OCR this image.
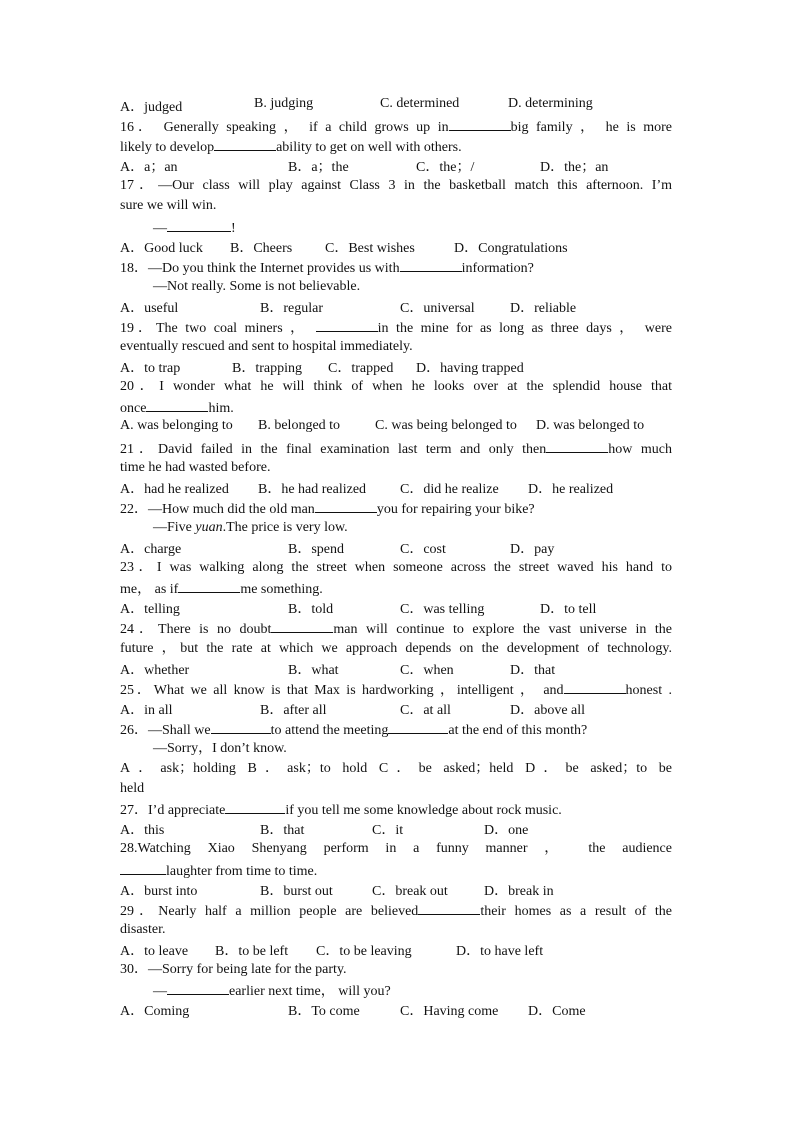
A．judged	B. judging	C. determined	D. determining
16． Generally speaking ， if a child grows up in	big family ， he is more
likely to develop	ability to get on well with others.
A．a；an	B．a；the	C．the；/	D．the；an
17．—Our class will play against Class 3 in the basketball match this afternoon. I’m
sure we will win.
—	!
A．Good luck B．Cheers C．Best wishes	D．Congratulations
18．—Do you think the Internet provides us with	information?
—Not really. Some is not believable.
A．useful	B．regular	C．universal	D．reliable
19．The two coal miners ，	in the mine for as long as three days ， were
eventually rescued and sent to hospital immediately.
A．to trap	B．trapping C．trapped D．having trapped
20．I wonder what he will think of when he looks over at the splendid house that
once	him.
A. was belonging to B. belonged to C. was being belonged to D. was belonged to
21．David failed in the final examination last term and only then	how much
time he had wasted before.
A．had he realized B．he had realized C．did he realize D．he realized
22．—How much did the old man	you for repairing your bike?
—Five yuan.The price is very low.
A．charge	B．spend	C．cost	D．pay
23．I was walking along the street when someone across the street waved his hand to
me， as if	me something.
A．telling	B．told	C．was telling	D．to tell
24．There is no doubt	man will continue to explore the vast universe in the
future ，but the rate at which we approach depends on the development of technology.
A．whether	B．what	C．when	D．that
25．What we all know is that Max is hardworking ，intelligent ， and	honest .
A．in all	B．after all	C．at all	D．above all
26．—Shall we	to attend the meeting	at the end of this month?
—Sorry，I don’t know.
A．ask；holding B．ask；to hold C．be asked；held D．be asked；to be
held
27．I’d appreciate	if you tell me some knowledge about rock music.
A．this	B．that	C．it	D．one
28.Watching Xiao Shenyang perform in a funny manner ， the audience
laughter from time to time.
A．burst into	B．burst out	C．break out	D．break in
29．Nearly half a million people are believed	their homes as a result of the
disaster.
A．to leave B．to be left C．to be leaving	D．to have left
30．—Sorry for being late for the party.
—	earlier next time， will you?
A．Coming	B．To come	C．Having come D．Come
